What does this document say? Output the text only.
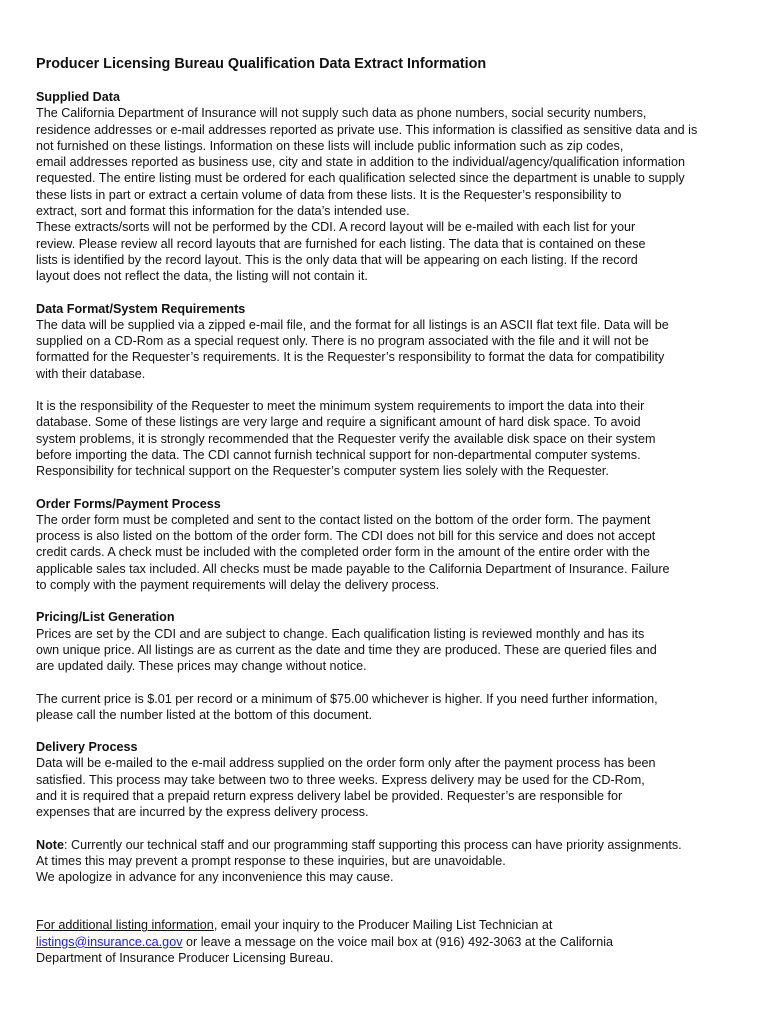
Producer Licensing Bureau Qualification Data Extract Information
Supplied Data
The California Department of Insurance will not supply such data as phone numbers, social security numbers,
residence addresses or e-mail addresses reported as private use. This information is classified as sensitive data and is
not furnished on these listings. Information on these lists will include public information such as zip codes,
email addresses reported as business use, city and state in addition to the individual/agency/qualification information
requested. The entire listing must be ordered for each qualification selected since the department is unable to supply
these lists in part or extract a certain volume of data from these lists. It is the Requester’s responsibility to
extract, sort and format this information for the data’s intended use.
These extracts/sorts will not be performed by the CDI. A record layout will be e-mailed with each list for your
review. Please review all record layouts that are furnished for each listing. The data that is contained on these
lists is identified by the record layout. This is the only data that will be appearing on each listing. If the record
layout does not reflect the data, the listing will not contain it.
Data Format/System Requirements
The data will be supplied via a zipped e-mail file, and the format for all listings is an ASCII flat text file. Data will be
supplied on a CD-Rom as a special request only. There is no program associated with the file and it will not be
formatted for the Requester’s requirements. It is the Requester’s responsibility to format the data for compatibility
with their database.
It is the responsibility of the Requester to meet the minimum system requirements to import the data into their
database. Some of these listings are very large and require a significant amount of hard disk space. To avoid
system problems, it is strongly recommended that the Requester verify the available disk space on their system
before importing the data. The CDI cannot furnish technical support for non-departmental computer systems.
Responsibility for technical support on the Requester’s computer system lies solely with the Requester.
Order Forms/Payment Process
The order form must be completed and sent to the contact listed on the bottom of the order form. The payment
process is also listed on the bottom of the order form. The CDI does not bill for this service and does not accept
credit cards. A check must be included with the completed order form in the amount of the entire order with the
applicable sales tax included. All checks must be made payable to the California Department of Insurance. Failure
to comply with the payment requirements will delay the delivery process.
Pricing/List Generation
Prices are set by the CDI and are subject to change. Each qualification listing is reviewed monthly and has its
own unique price. All listings are as current as the date and time they are produced. These are queried files and
are updated daily. These prices may change without notice.
The current price is $.01 per record or a minimum of $75.00 whichever is higher. If you need further information,
please call the number listed at the bottom of this document.
Delivery Process
Data will be e-mailed to the e-mail address supplied on the order form only after the payment process has been
satisfied. This process may take between two to three weeks. Express delivery may be used for the CD-Rom,
and it is required that a prepaid return express delivery label be provided. Requester’s are responsible for
expenses that are incurred by the express delivery process.
Note: Currently our technical staff and our programming staff supporting this process can have priority assignments.
At times this may prevent a prompt response to these inquiries, but are unavoidable.
We apologize in advance for any inconvenience this may cause.
For additional listing information, email your inquiry to the Producer Mailing List Technician at
listings@insurance.ca.gov or leave a message on the voice mail box at (916) 492-3063 at the California
Department of Insurance Producer Licensing Bureau.
